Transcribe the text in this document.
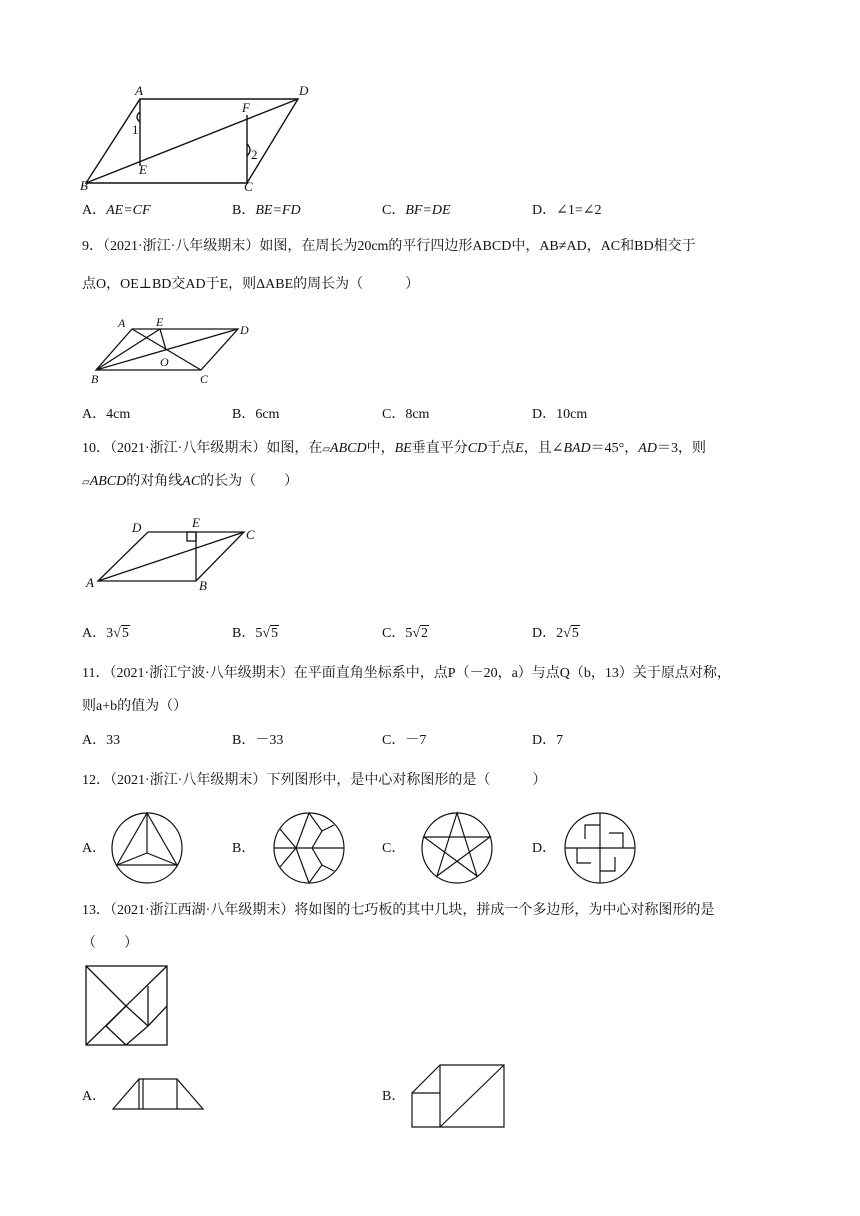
A	D
B	C
E
F
1
2
A．AE=CF	B．BE=FD	C．BF=DE	D．∠1=∠2
9．（2021·浙江·八年级期末）如图，在周长为20cm的平行四边形ABCD中，AB≠AD，AC和BD相交于
点O，OE⊥BD交AD于E，则ΔABE的周长为（　　　）
A	E
D
B
O
C
A．4cm	B．6cm	C．8cm	D．10cm
10．（2021·浙江·八年级期末）如图，在▱ABCD中，BE垂直平分CD于点E，且∠BAD＝45°，AD＝3，则
▱ABCD的对角线AC的长为（　　）
D	E
C
A	B
A．3√5	B．5√5	C．5√2	D．2√5
11．（2021·浙江宁波·八年级期末）在平面直角坐标系中，点P（－20，a）与点Q（b，13）关于原点对称，
则a+b的值为（）
A．33	B．－33	C．－7	D．7
12．（2021·浙江·八年级期末）下列图形中，是中心对称图形的是（　　　）
A．	B．	C．	D．
13．（2021·浙江西湖·八年级期末）将如图的七巧板的其中几块，拼成一个多边形，为中心对称图形的是
（　　）
A．	B．
